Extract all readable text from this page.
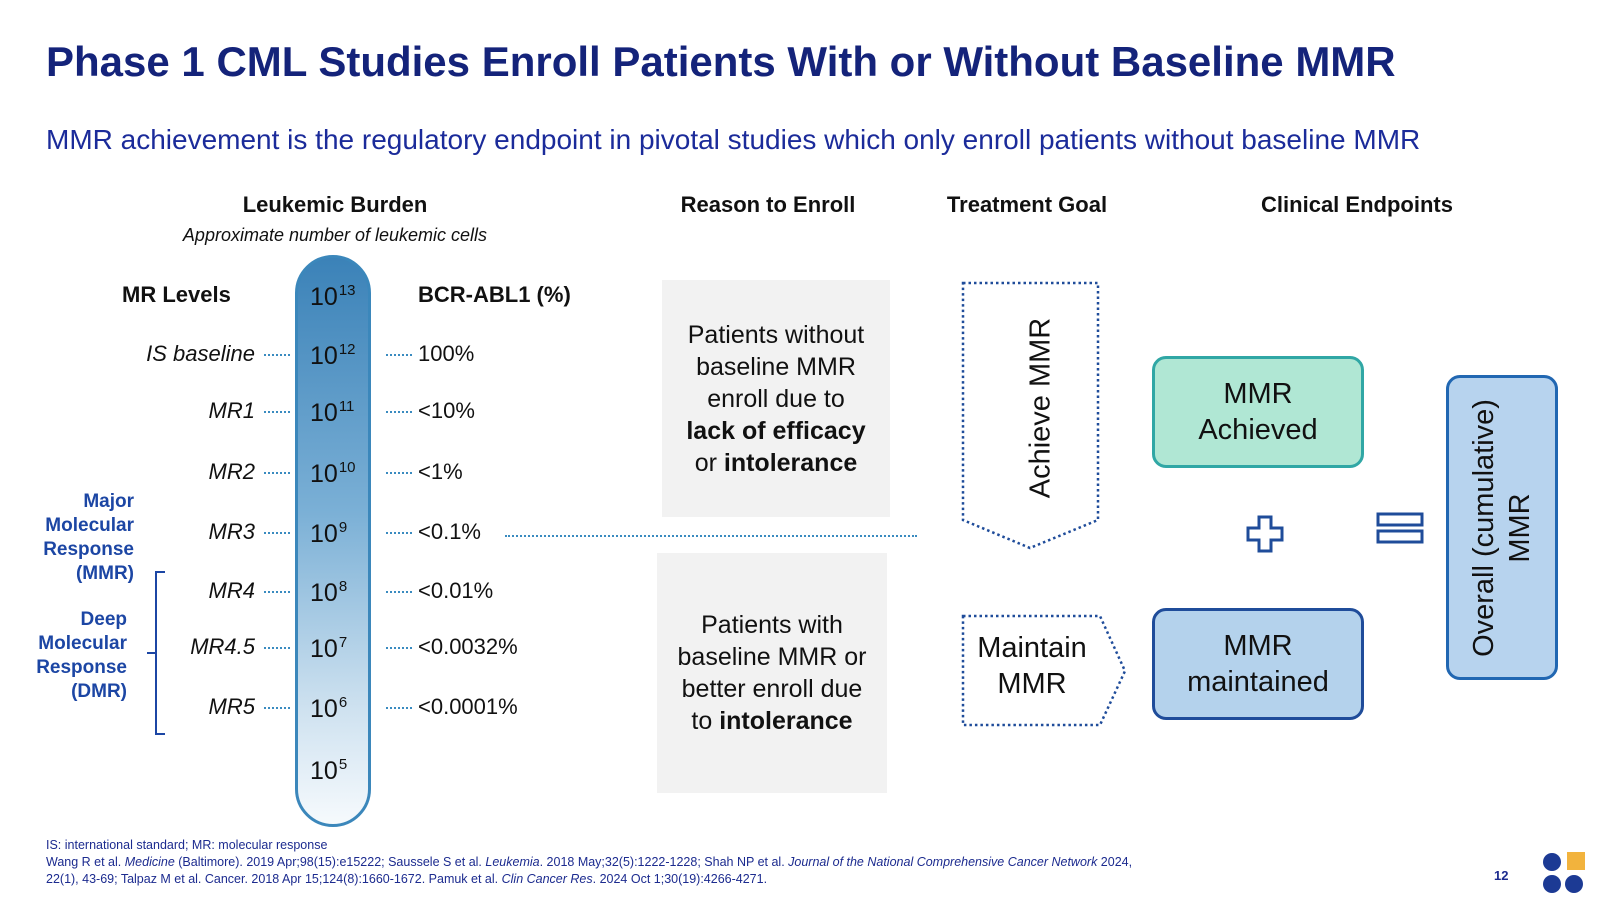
Phase 1 CML Studies Enroll Patients With or Without Baseline MMR
MMR achievement is the regulatory endpoint in pivotal studies which only enroll patients without baseline MMR
Leukemic Burden
Approximate number of leukemic cells
Reason to Enroll	Treatment Goal	Clinical Endpoints
MR Levels	BCR-ABL1 (%)
$10^{13}$
$10^5$
IS baseline $10^{12}$	100%
MR1 $10^{11}$	<10%
MR2 $10^{10}$	<1%
MR3 $10^9$	<0.1%
MR4 $10^8$	<0.01%
MR4.5 $10^7$	<0.0032%
MR5 $10^6$	<0.0001%
Major
Molecular
Response
(MMR)
Deep
Molecular
Response
(DMR)
Patients without
baseline MMR
enroll due to
lack of efficacy
or intolerance
Patients with
baseline MMR or
better enroll due
to intolerance
Achieve MMR
Maintain
MMR
MMR
Achieved
MMR
maintained
Overall (cumulative) MMR
IS: international standard; MR: molecular response
Wang R et al. Medicine (Baltimore). 2019 Apr;98(15):e15222; Saussele S et al. Leukemia. 2018 May;32(5):1222-1228; Shah NP et al. Journal of the National Comprehensive Cancer Network 2024, 22(1), 43-69; Talpaz M et al. Cancer. 2018 Apr 15;124(8):1660-1672. Pamuk et al. Clin Cancer Res. 2024 Oct 1;30(19):4266-4271.	12
